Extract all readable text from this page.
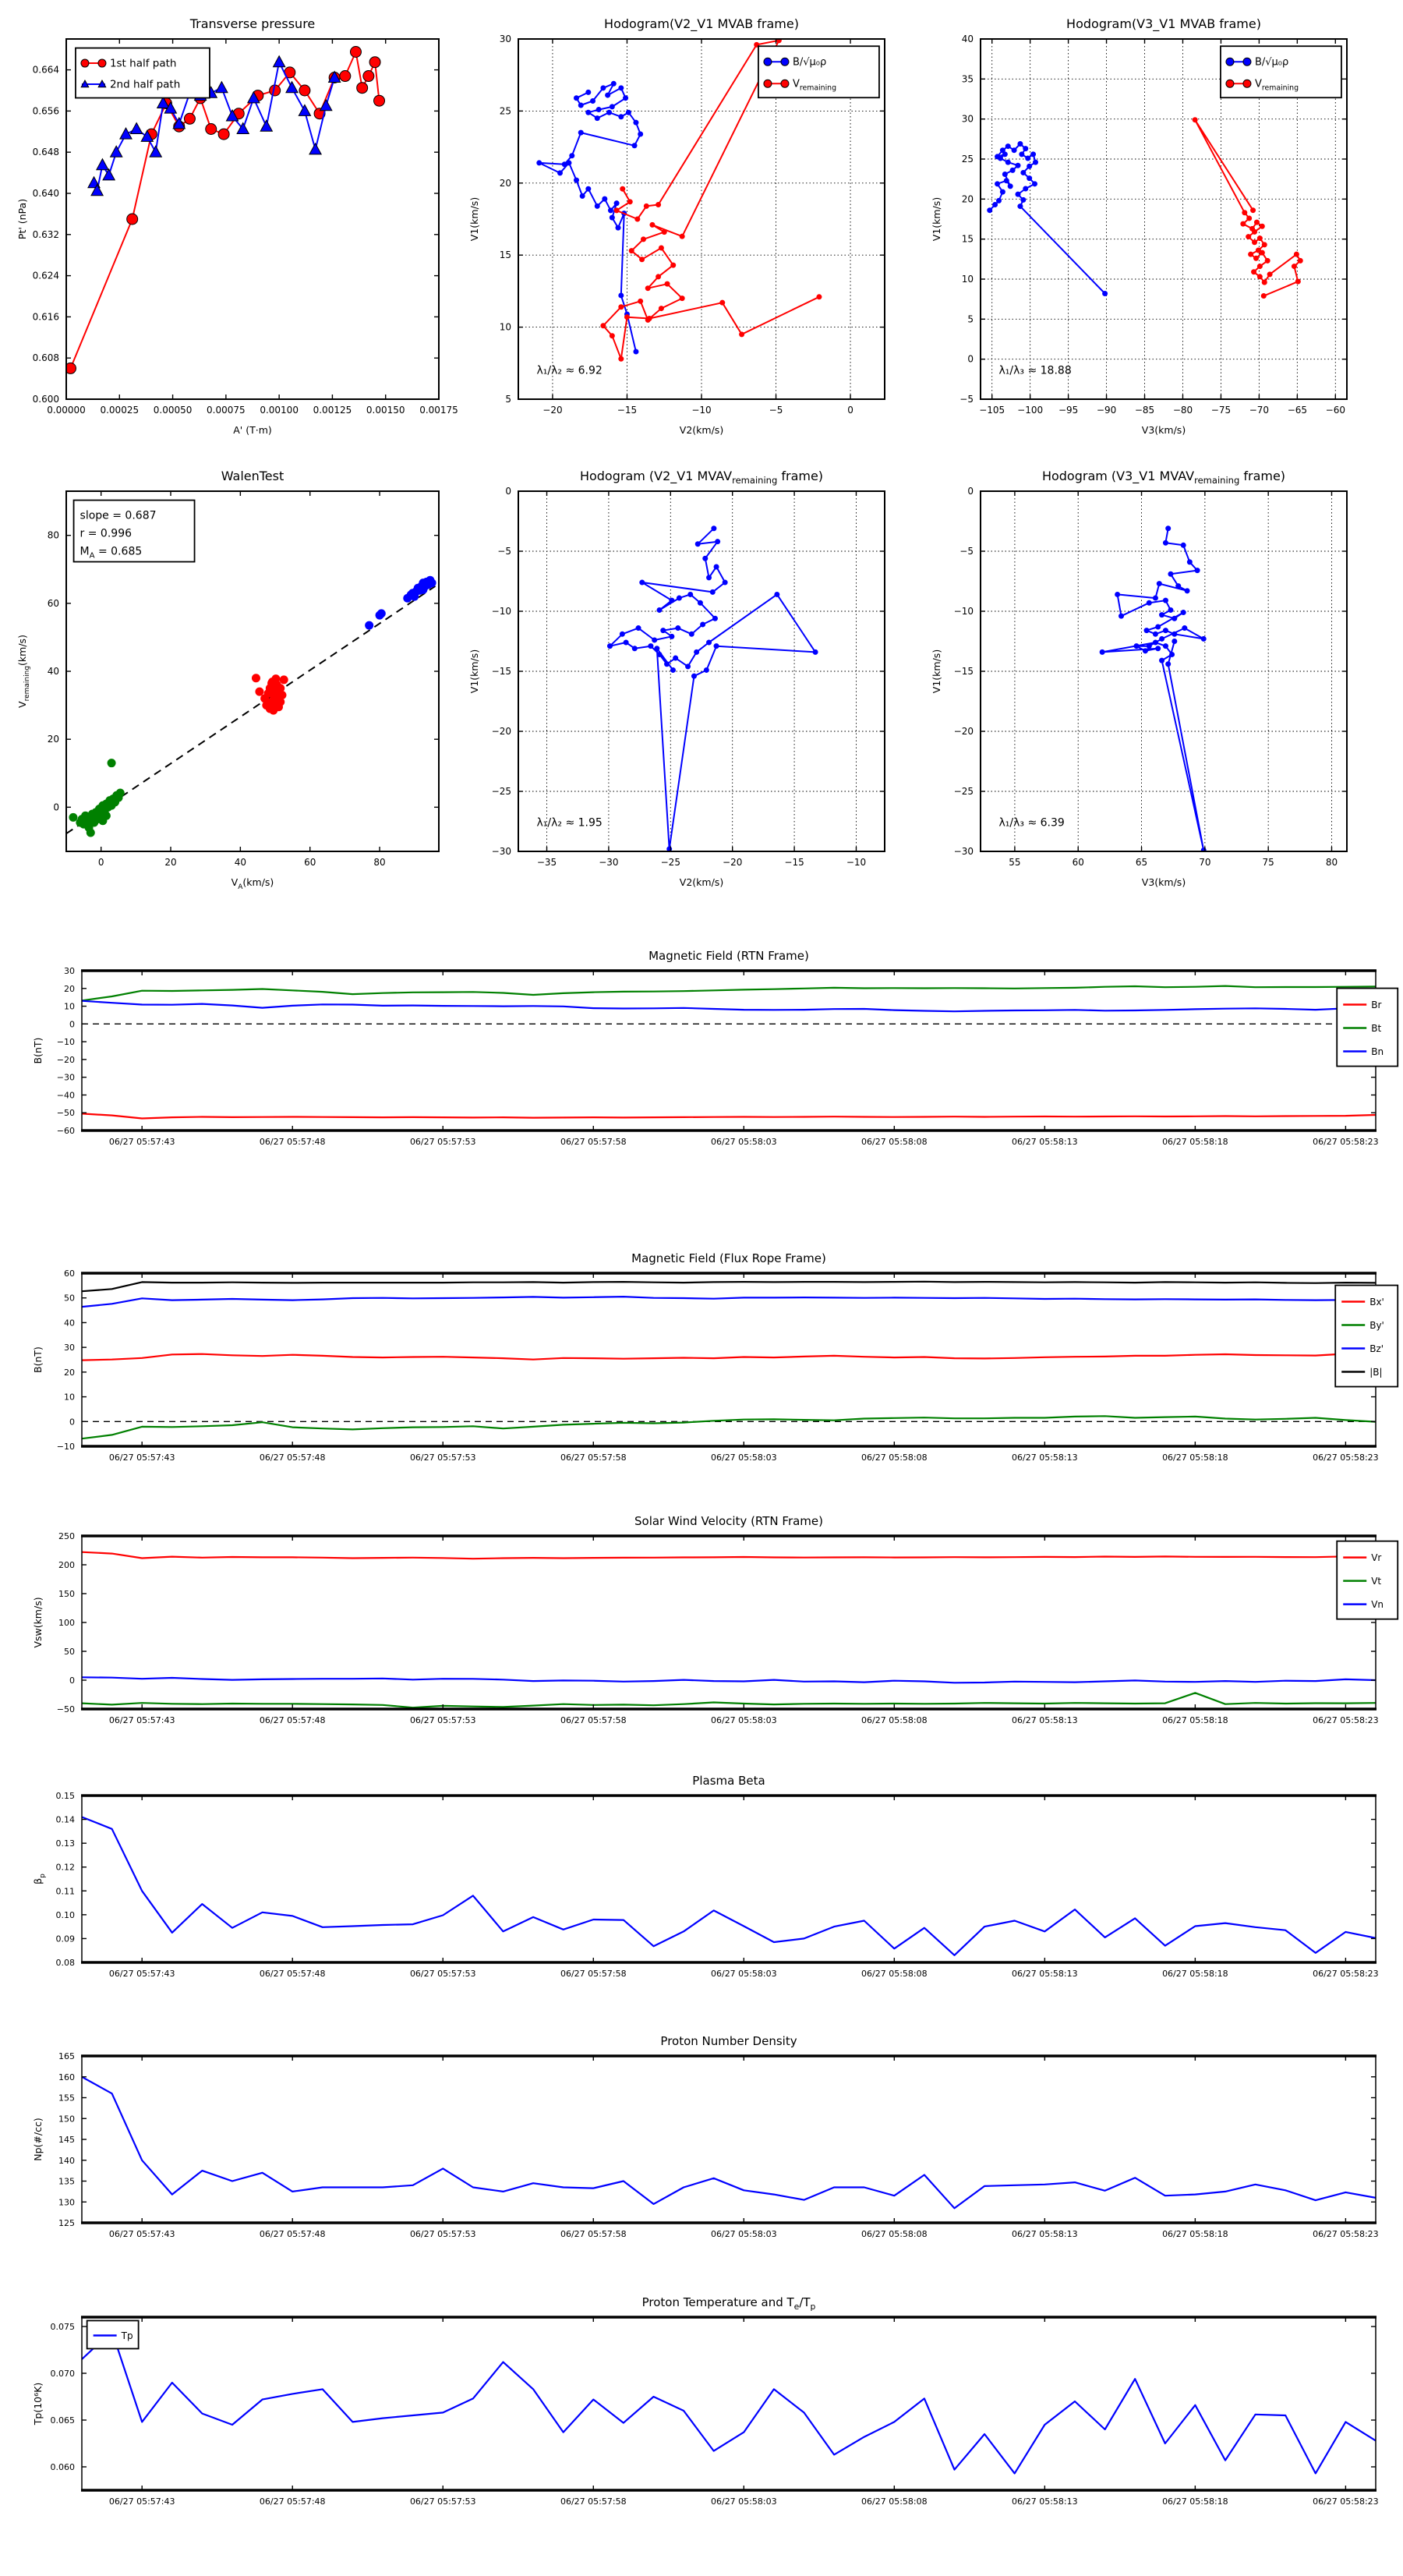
0.00000 0.00025 0.00050 0.00075 0.00100 0.00125 0.00150 0.00175
0.600
0.608
0.616
0.624
0.632
0.640
0.648
0.656
0.664
Transverse pressure
A' (T·m)
Pt' (nPa)
1st half path
2nd half path
−20	−15	−10	−5	0
5
10
15
20
25
30
Hodogram(V2_V1 MVAB frame)
V2(km/s)
V1(km/s)
B/√μ₀ρ
$V_{remaining}$
λ₁/λ₂ ≈ 6.92
−105 −100 −95 −90 −85 −80 −75 −70 −65 −60
−5
0
5
10
15
20
25
30
35
40
Hodogram(V3_V1 MVAB frame)
V3(km/s)
V1(km/s)
B/√μ₀ρ
$V_{remaining}$
λ₁/λ₃ ≈ 18.88
0	20	40	60	80
0
20
40
60
80
WalenTest
$V_A(km/s)$
$V_{remaining}(km/s)$
slope = 0.687
r = 0.996
$M_A = 0.685$
−35	−30	−25	−20	−15	−10
−30
−25
−20
−15
−10
−5
0
Hodogram (V2_V1 $MVAV_{remaining}$ frame)
V2(km/s)
V1(km/s)
λ₁/λ₂ ≈ 1.95
55	60	65	70	75	80
−30
−25
−20
−15
−10
−5
0
Hodogram (V3_V1 $MVAV_{remaining}$ frame)
V3(km/s)
V1(km/s)
λ₁/λ₃ ≈ 6.39
06/27 05:57:43	06/27 05:57:48	06/27 05:57:53	06/27 05:57:58	06/27 05:58:03	06/27 05:58:08	06/27 05:58:13	06/27 05:58:18	06/27 05:58:23
−60
−50
−40
−30
−20
−10
0
10
20
30
Magnetic Field (RTN Frame)
B(nT)
Br
Bt
Bn
06/27 05:57:43	06/27 05:57:48	06/27 05:57:53	06/27 05:57:58	06/27 05:58:03	06/27 05:58:08	06/27 05:58:13	06/27 05:58:18	06/27 05:58:23
−10
0
10
20
30
40
50
60
Magnetic Field (Flux Rope Frame)
B(nT)
Bx'
By'
Bz'
|B|
06/27 05:57:43	06/27 05:57:48	06/27 05:57:53	06/27 05:57:58	06/27 05:58:03	06/27 05:58:08	06/27 05:58:13	06/27 05:58:18	06/27 05:58:23
−50
0
50
100
150
200
250
Solar Wind Velocity (RTN Frame)
Vsw(km/s)
Vr
Vt
Vn
06/27 05:57:43	06/27 05:57:48	06/27 05:57:53	06/27 05:57:58	06/27 05:58:03	06/27 05:58:08	06/27 05:58:13	06/27 05:58:18	06/27 05:58:23
0.08
0.09
0.10
0.11
0.12
0.13
0.14
0.15
Plasma Beta
$\beta_p$
06/27 05:57:43	06/27 05:57:48	06/27 05:57:53	06/27 05:57:58	06/27 05:58:03	06/27 05:58:08	06/27 05:58:13	06/27 05:58:18	06/27 05:58:23
125
130
135
140
145
150
155
160
165
Proton Number Density
Np(#/cc)
06/27 05:57:43	06/27 05:57:48	06/27 05:57:53	06/27 05:57:58	06/27 05:58:03	06/27 05:58:08	06/27 05:58:13	06/27 05:58:18	06/27 05:58:23
0.060
0.065
0.070
0.075
Proton Temperature and $T_e/T_p$
Tp(10⁶K)
Tp
